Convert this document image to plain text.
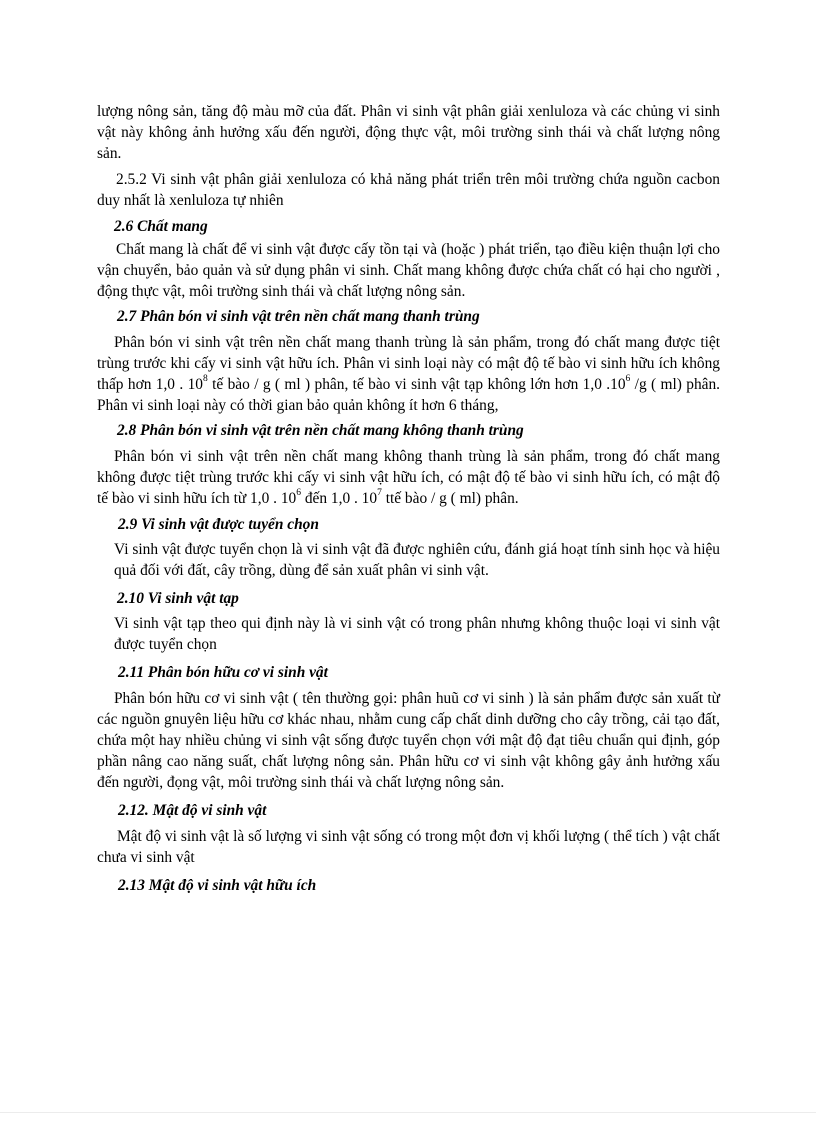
lượng nông sản, tăng độ màu mỡ của đất. Phân vi sinh vật phân giải xenluloza và các chủng vi sinh vật này không ảnh hưởng xấu đến người, động thực vật, môi trường sinh thái và chất lượng nông sản.

2.5.2 Vi sinh vật phân giải xenluloza có khả năng phát triển trên môi trường chứa nguồn cacbon duy nhất là xenluloza tự nhiên

2.6 Chất mang

Chất mang là chất để vi sinh vật được cấy tồn tại và (hoặc ) phát triển, tạo điều kiện thuận lợi cho vận chuyển, bảo quản và sử dụng phân vi sinh. Chất mang không được chứa chất có hại cho người , động thực vật, môi trường sinh thái và chất lượng nông sản.

2.7 Phân bón vi sinh vật trên nền chất mang thanh trùng

Phân bón vi sinh vật trên nền chất mang thanh trùng là sản phẩm, trong đó chất mang được tiệt trùng trước khi cấy vi sinh vật hữu ích. Phân vi sinh loại này có mật độ tế bào vi sinh hữu ích không thấp hơn 1,0 . $10^8$ tế bào / g ( ml ) phân, tế bào vi sinh vật tạp không lớn hơn 1,0 $.10^6$ /g ( ml) phân. Phân vi sinh loại này có thời gian bảo quản không ít hơn 6 tháng,

2.8 Phân bón vi sinh vật trên nền chất mang không thanh trùng

Phân bón vi sinh vật trên nền chất mang không thanh trùng là sản phẩm, trong đó chất mang không được tiệt trùng trước khi cấy vi sinh vật hữu ích, có mật độ tế bào vi sinh hữu ích, có mật độ tế bào vi sinh hữu ích từ 1,0 . $10^6$ đến 1,0 . $10^7$ ttế bào / g ( ml) phân.

2.9 Vi sinh vật được tuyển chọn

Vi sinh vật được tuyển chọn là vi sinh vật đã được nghiên cứu, đánh giá hoạt tính sinh học và hiệu quả đối với đất, cây trồng, dùng để sản xuất phân vi sinh vật.

2.10 Vi sinh vật tạp

Vi sinh vật tạp theo qui định này là vi sinh vật có trong phân nhưng không thuộc loại vi sinh vật được tuyển chọn

2.11 Phân bón hữu cơ vi sinh vật

Phân bón hữu cơ vi sinh vật ( tên thường gọi: phân huũ cơ vi sinh ) là sản phẩm được sản xuất từ các nguồn gnuyên liệu hữu cơ khác nhau, nhằm cung cấp chất dinh dưỡng cho cây trồng, cải tạo đất, chứa một hay nhiều chủng vi sinh vật sống được tuyển chọn với mật độ đạt tiêu chuẩn qui định, góp phần nâng cao năng suất, chất lượng nông sản. Phân hữu cơ vi sinh vật không gây ảnh hưởng xấu đến người, đọng vật, môi trường sinh thái và chất lượng nông sản.

2.12. Mật độ vi sinh vật

Mật độ vi sinh vật là số lượng vi sinh vật sống có trong một đơn vị khối lượng ( thể tích ) vật chất chưa vi sinh vật

2.13 Mật độ vi sinh vật hữu ích
